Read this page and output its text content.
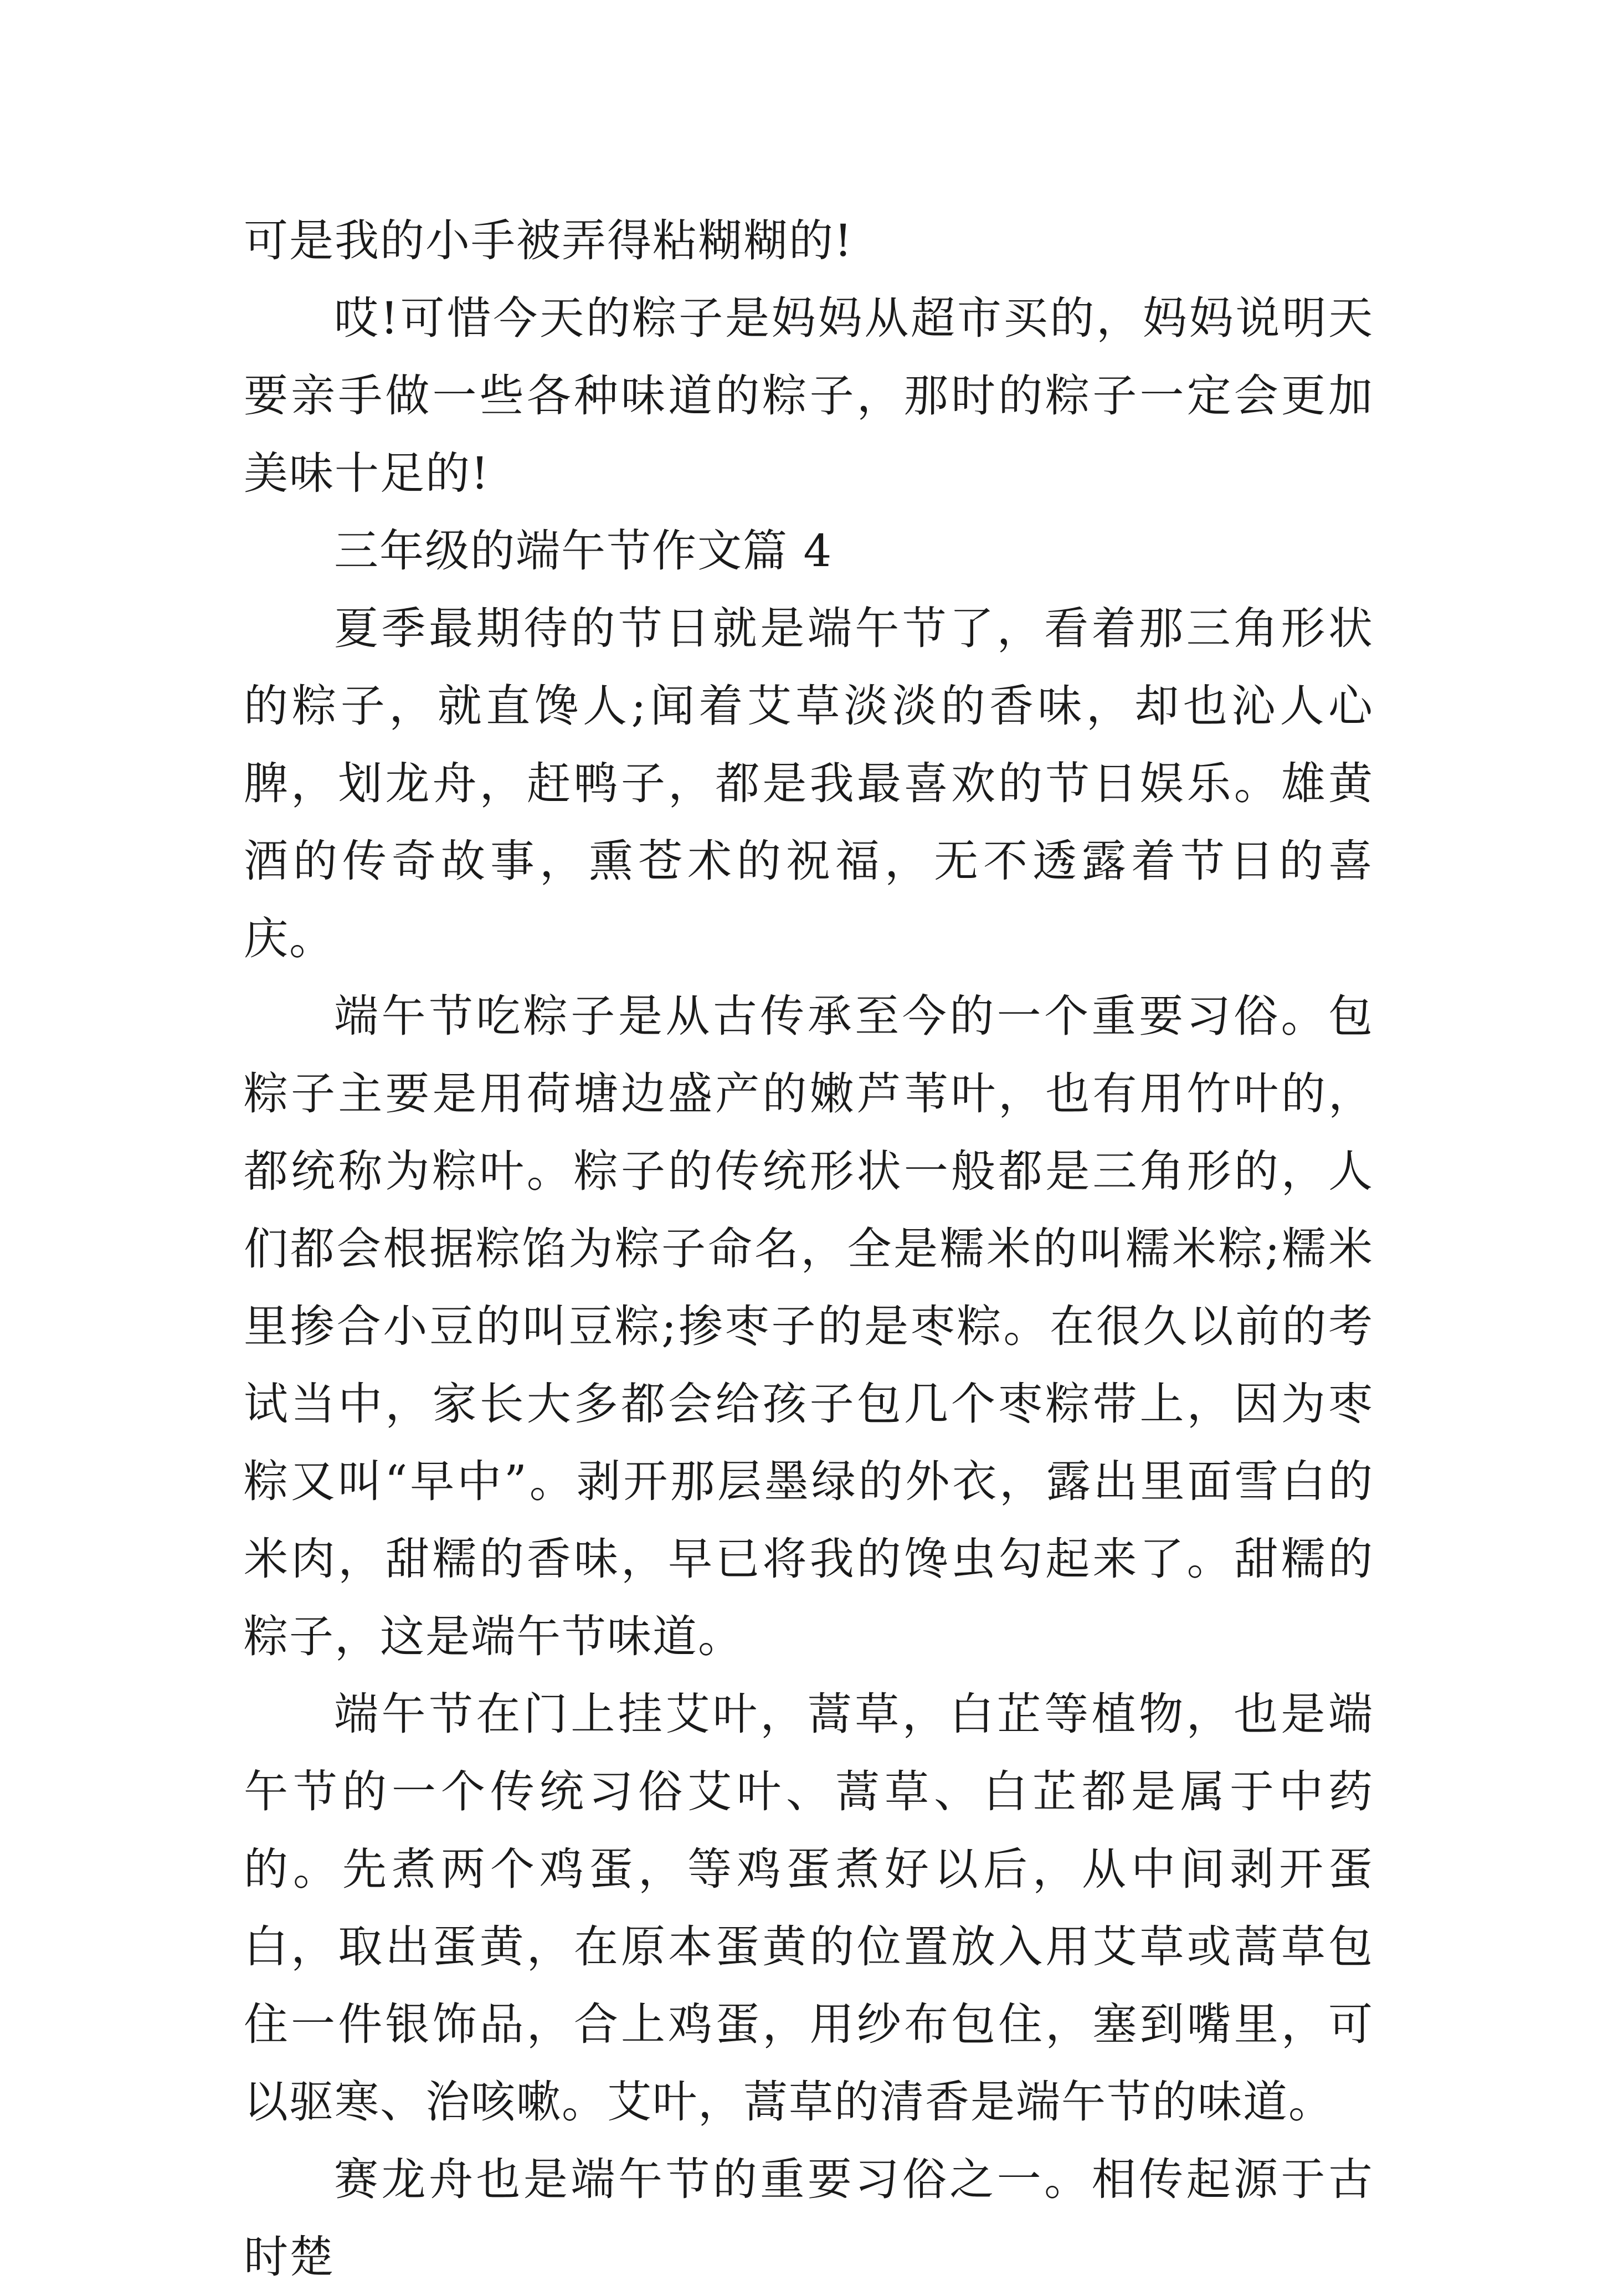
可是我的小手被弄得粘糊糊的!

哎!可惜今天的粽子是妈妈从超市买的，妈妈说明天要亲手做一些各种味道的粽子，那时的粽子一定会更加美味十足的!

三年级的端午节作文篇 4

夏季最期待的节日就是端午节了，看着那三角形状的粽子，就直馋人;闻着艾草淡淡的香味，却也沁人心脾，划龙舟，赶鸭子，都是我最喜欢的节日娱乐。雄黄酒的传奇故事，熏苍术的祝福，无不透露着节日的喜庆。

端午节吃粽子是从古传承至今的一个重要习俗。包粽子主要是用荷塘边盛产的嫩芦苇叶，也有用竹叶的，都统称为粽叶。粽子的传统形状一般都是三角形的，人们都会根据粽馅为粽子命名，全是糯米的叫糯米粽;糯米里掺合小豆的叫豆粽;掺枣子的是枣粽。在很久以前的考试当中，家长大多都会给孩子包几个枣粽带上，因为枣粽又叫“早中”。剥开那层墨绿的外衣，露出里面雪白的米肉，甜糯的香味，早已将我的馋虫勾起来了。甜糯的粽子，这是端午节味道。

端午节在门上挂艾叶，蒿草，白芷等植物，也是端午节的一个传统习俗艾叶、蒿草、白芷都是属于中药的。先煮两个鸡蛋，等鸡蛋煮好以后，从中间剥开蛋白，取出蛋黄，在原本蛋黄的位置放入用艾草或蒿草包住一件银饰品，合上鸡蛋，用纱布包住，塞到嘴里，可以驱寒、治咳嗽。艾叶，蒿草的清香是端午节的味道。

赛龙舟也是端午节的重要习俗之一。相传起源于古时楚
